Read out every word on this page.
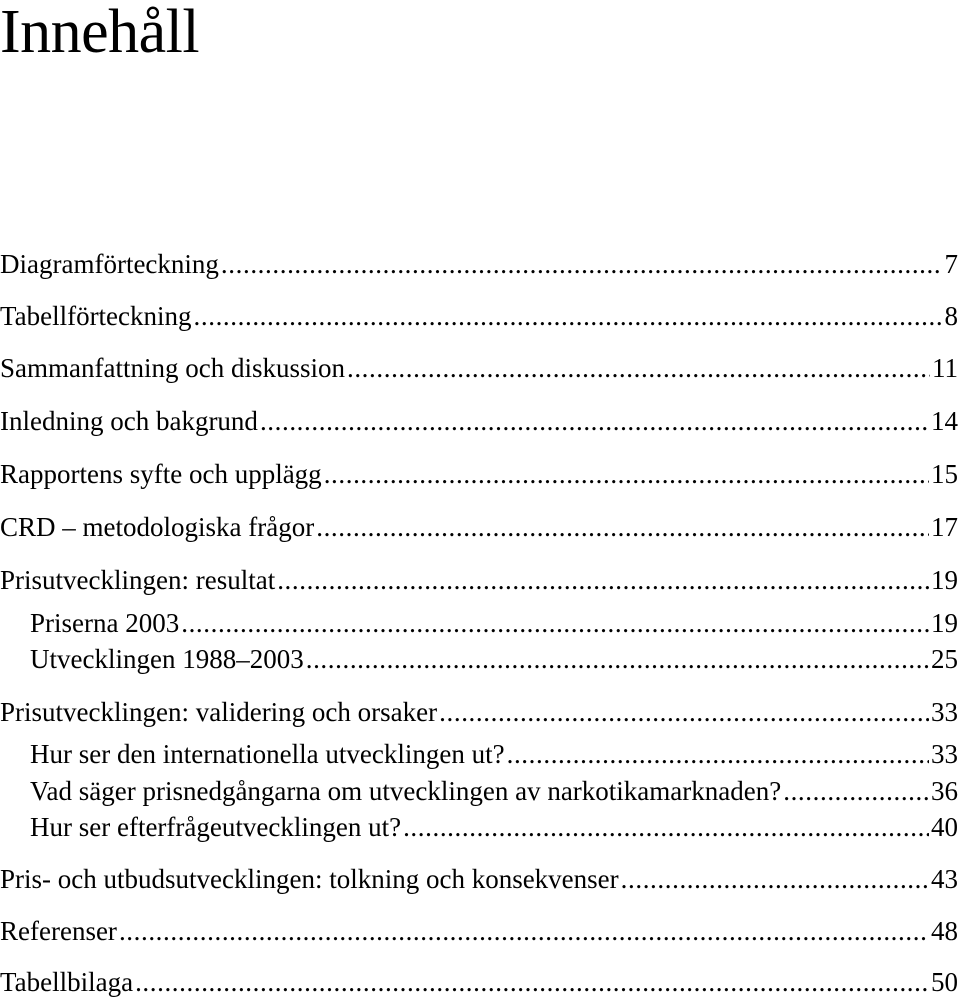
Innehåll
Diagramförteckning .....	7
Tabellförteckning .....	8
Sammanfattning och diskussion .....	11
Inledning och bakgrund .....	14
Rapportens syfte och upplägg .....	15
CRD – metodologiska frågor .....	17
Prisutvecklingen: resultat .....	19
Priserna 2003 .....	19
Utvecklingen 1988–2003 .....	25
Prisutvecklingen: validering och orsaker .....	33
Hur ser den internationella utvecklingen ut? .....	33
Vad säger prisnedgångarna om utvecklingen av narkotikamarknaden? .....	36
Hur ser efterfrågeutvecklingen ut? .....	40
Pris- och utbudsutvecklingen: tolkning och konsekvenser .....	43
Referenser .....	48
Tabellbilaga .....	50
